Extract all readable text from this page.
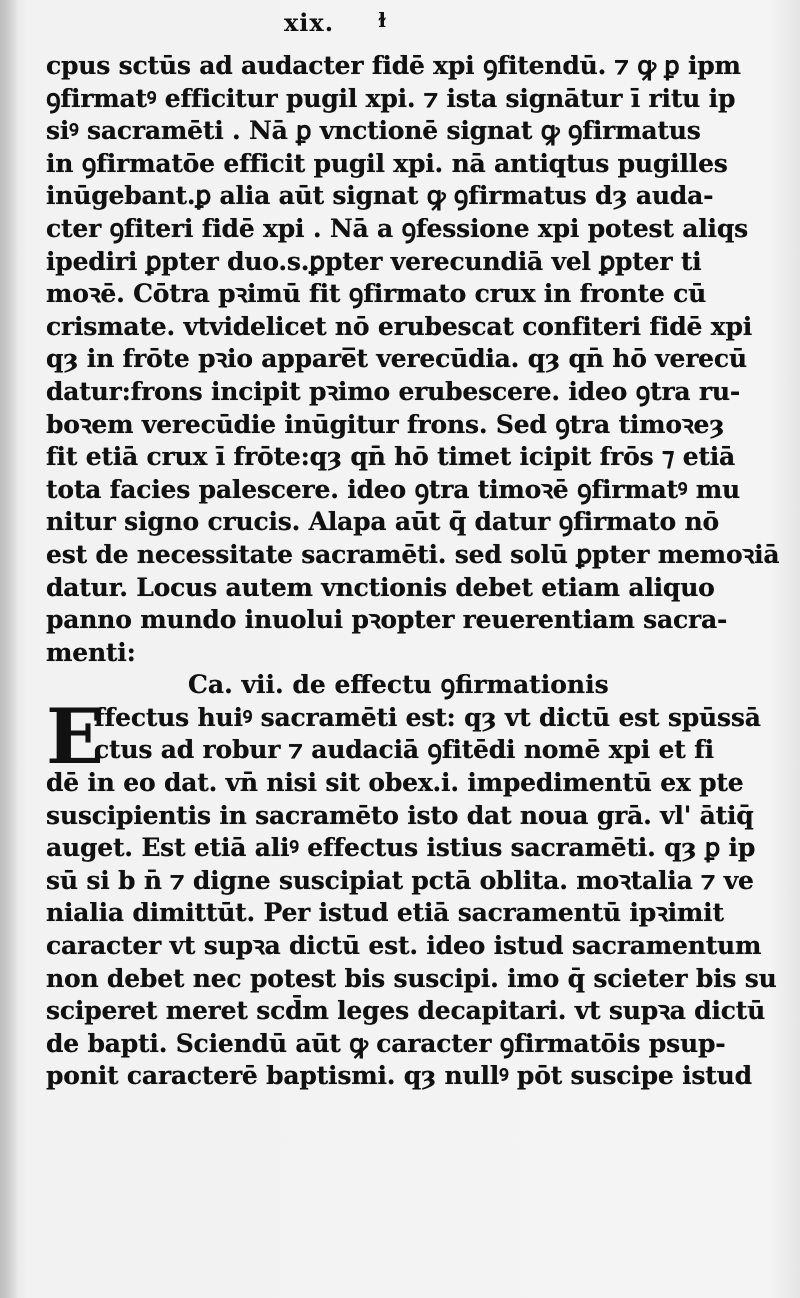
xix. ɫ
cpus sctūs ad audacter fidē xpi ꝯfitendū. ⁊ ꝙ ꝑ ipm
ꝯfirmatꝰ efficitur pugil xpi. ⁊ ista signātur ī ritu ip
siꝰ sacramēti . Nā ꝑ vnctionē signat ꝙ ꝯfirmatus
in ꝯfirmatōe efficit pugil xpi. nā antiqtus pugilles
inūgebant.ꝑ alia aūt signat ꝙ ꝯfirmatus dȝ auda-
cter ꝯfiteri fidē xpi . Nā a ꝯfessione xpi potest aliqs
ipediri ꝑpter duo.s.ꝑpter verecundiā vel ꝑpter ti
moꝛē. Cōtra pꝛimū fit ꝯfirmato crux in fronte cū
crismate. vtvidelicet nō erubescat confiteri fidē xpi
qȝ in frōte pꝛio appare̅t verecūdia. qȝ qn̄ hō verecū
datur:frons incipit pꝛimo erubescere. ideo ꝯtra ru-
boꝛem verecūdie inūgitur frons. Sed ꝯtra timoꝛeȝ
fit etiā crux ī frōte:qȝ qn̄ hō timet icipit frōs ⁊ etiā
tota facies palescere. ideo ꝯtra timoꝛē ꝯfirmatꝰ mu
nitur signo crucis. Alapa aūt q̄ datur ꝯfirmato nō
est de necessitate sacramēti. sed solū ꝑpter memoꝛiā
datur. Locus autem vnctionis debet etiam aliquo
panno mundo inuolui pꝛopter reuerentiam sacra-
menti:
Ca. vii. de effectu ꝯfirmationis
E
ffectus huiꝰ sacramēti est: qȝ vt dictū est spūssā
ctus ad robur ⁊ audaciā ꝯfitēdi nomē xpi et fi
dē in eo dat. vn̄ nisi sit obex.i. impedimentū ex pte
suscipientis in sacramēto isto dat noua grā. vl' ātiq̄
auget. Est etiā aliꝰ effectus istius sacramēti. qȝ ꝑ ip
sū si b n̄ ⁊ digne suscipiat pctā oblita. moꝛtalia ⁊ ve
nialia dimittūt. Per istud etiā sacramentū ipꝛimit
caracter vt supꝛa dictū est. ideo istud sacramentum
non debet nec potest bis suscipi. imo q̄ scieter bis su
sciperet meret scd̄m leges decapitari. vt supꝛa dictū
de bapti. Sciendū aūt ꝙ caracter ꝯfirmatōis psup-
ponit caracterē baptismi. qȝ nullꝰ pōt suscipe istud
